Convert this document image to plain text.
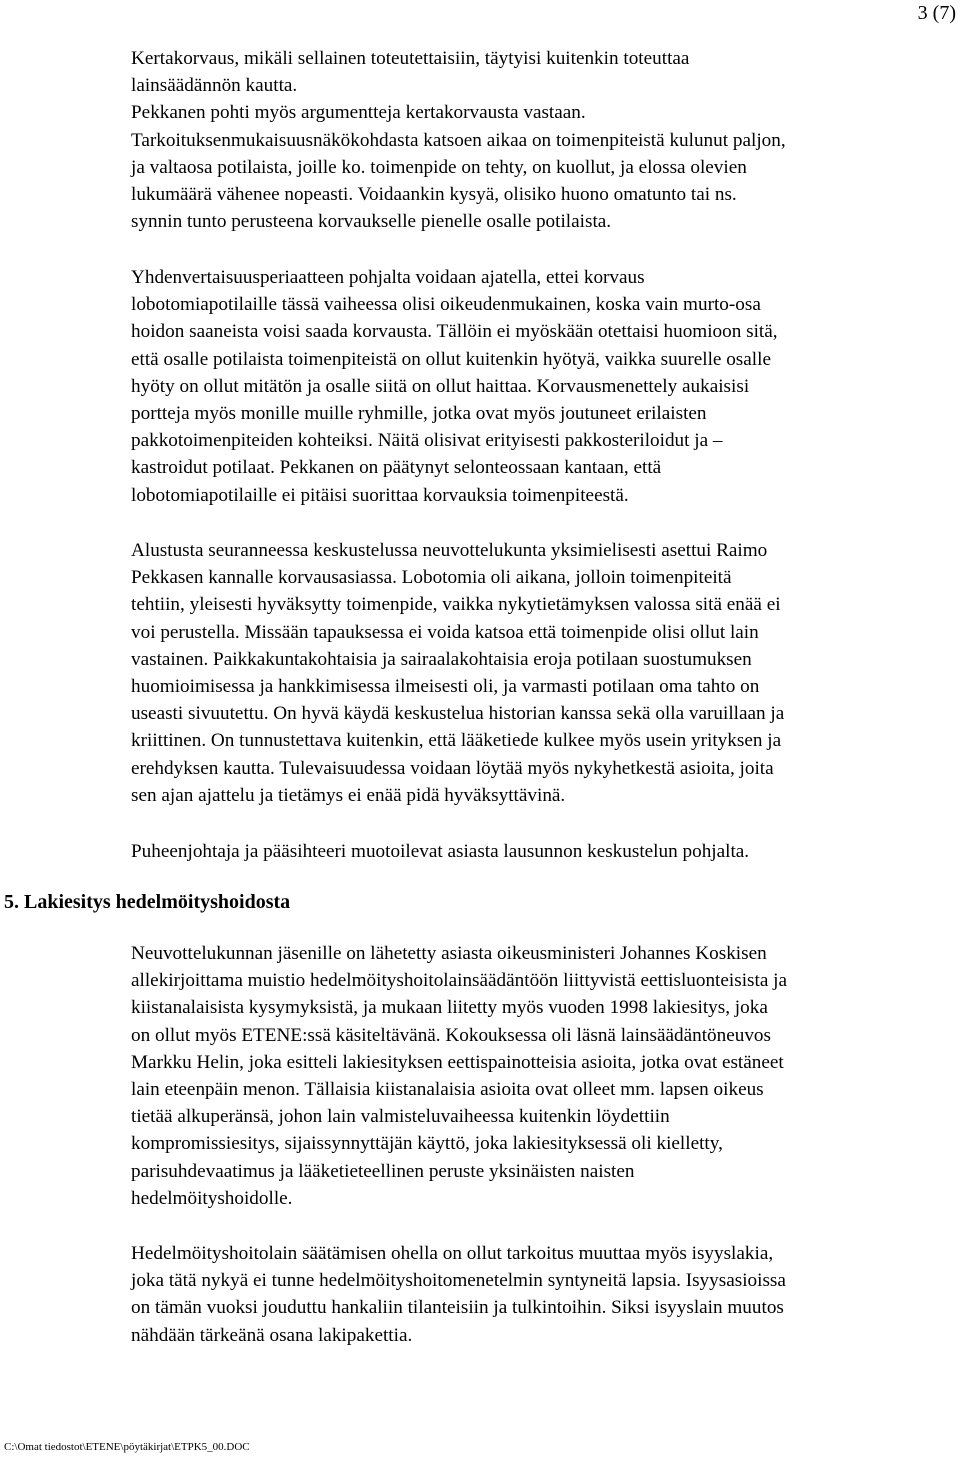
3 (7)
Kertakorvaus, mikäli sellainen toteutettaisiin, täytyisi kuitenkin toteuttaa
lainsäädännön kautta.
Pekkanen pohti myös argumentteja kertakorvausta vastaan.
Tarkoituksenmukaisuusnäkökohdasta katsoen aikaa on toimenpiteistä kulunut paljon,
ja valtaosa potilaista, joille ko. toimenpide on tehty, on kuollut, ja elossa olevien
lukumäärä vähenee nopeasti. Voidaankin kysyä, olisiko huono omatunto tai ns.
synnin tunto perusteena korvaukselle pienelle osalle potilaista.
Yhdenvertaisuusperiaatteen pohjalta voidaan ajatella, ettei korvaus
lobotomiapotilaille tässä vaiheessa olisi oikeudenmukainen, koska vain murto-osa
hoidon saaneista voisi saada korvausta. Tällöin ei myöskään otettaisi huomioon sitä,
että osalle potilaista toimenpiteistä on ollut kuitenkin hyötyä, vaikka suurelle osalle
hyöty on ollut mitätön ja osalle siitä on ollut haittaa. Korvausmenettely aukaisisi
portteja myös monille muille ryhmille, jotka ovat myös joutuneet erilaisten
pakkotoimenpiteiden kohteiksi. Näitä olisivat erityisesti pakkosteriloidut ja –
kastroidut potilaat. Pekkanen on päätynyt selonteossaan kantaan, että
lobotomiapotilaille ei pitäisi suorittaa korvauksia toimenpiteestä.
Alustusta seuranneessa keskustelussa neuvottelukunta yksimielisesti asettui Raimo
Pekkasen kannalle korvausasiassa. Lobotomia oli aikana, jolloin toimenpiteitä
tehtiin, yleisesti hyväksytty toimenpide, vaikka nykytietämyksen valossa sitä enää ei
voi perustella. Missään tapauksessa ei voida katsoa että toimenpide olisi ollut lain
vastainen. Paikkakuntakohtaisia ja sairaalakohtaisia eroja potilaan suostumuksen
huomioimisessa ja hankkimisessa ilmeisesti oli, ja varmasti potilaan oma tahto on
useasti sivuutettu. On hyvä käydä keskustelua historian kanssa sekä olla varuillaan ja
kriittinen. On tunnustettava kuitenkin, että lääketiede kulkee myös usein yrityksen ja
erehdyksen kautta. Tulevaisuudessa voidaan löytää myös nykyhetkestä asioita, joita
sen ajan ajattelu ja tietämys ei enää pidä hyväksyttävinä.
Puheenjohtaja ja pääsihteeri muotoilevat asiasta lausunnon keskustelun pohjalta.
5. Lakiesitys hedelmöityshoidosta
Neuvottelukunnan jäsenille on lähetetty asiasta oikeusministeri Johannes Koskisen
allekirjoittama muistio hedelmöityshoitolainsäädäntöön liittyvistä eettisluonteisista ja
kiistanalaisista kysymyksistä, ja mukaan liitetty myös vuoden 1998 lakiesitys, joka
on ollut myös ETENE:ssä käsiteltävänä. Kokouksessa oli läsnä lainsäädäntöneuvos
Markku Helin, joka esitteli lakiesityksen eettispainotteisia asioita, jotka ovat estäneet
lain eteenpäin menon. Tällaisia kiistanalaisia asioita ovat olleet mm. lapsen oikeus
tietää alkuperänsä, johon lain valmisteluvaiheessa kuitenkin löydettiin
kompromissiesitys, sijaissynnyttäjän käyttö, joka lakiesityksessä oli kielletty,
parisuhdevaatimus ja lääketieteellinen peruste yksinäisten naisten
hedelmöityshoidolle.
Hedelmöityshoitolain säätämisen ohella on ollut tarkoitus muuttaa myös isyyslakia,
joka tätä nykyä ei tunne hedelmöityshoitomenetelmin syntyneitä lapsia. Isyysasioissa
on tämän vuoksi jouduttu hankaliin tilanteisiin ja tulkintoihin. Siksi isyyslain muutos
nähdään tärkeänä osana lakipakettia.
C:\Omat tiedostot\ETENE\pöytäkirjat\ETPK5_00.DOC
